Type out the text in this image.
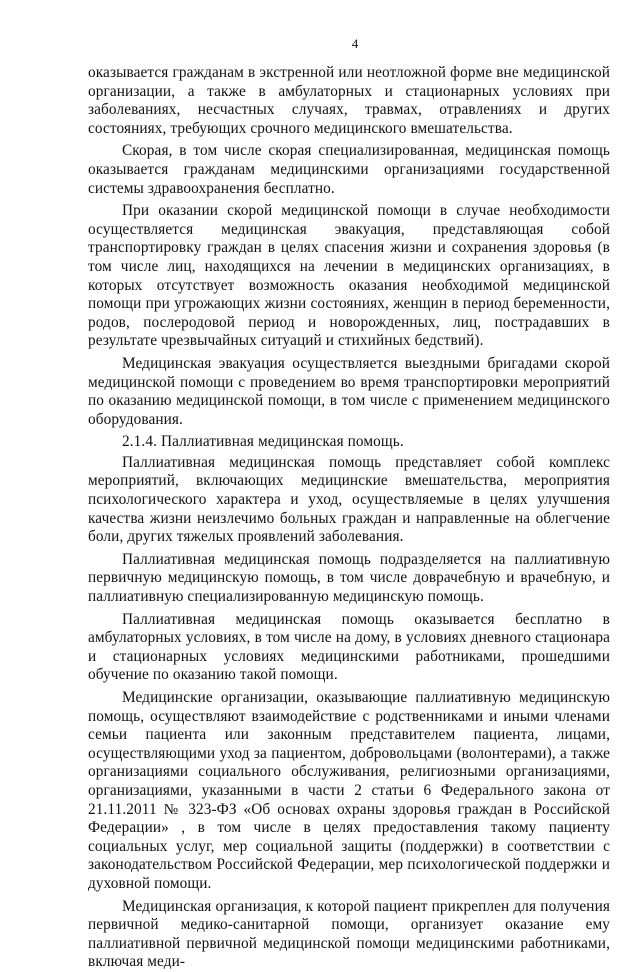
4

оказывается гражданам в экстренной или неотложной форме вне медицинской организации, а также в амбулаторных и стационарных условиях при заболеваниях, несчастных случаях, травмах, отравлениях и других состояниях, требующих срочного медицинского вмешательства.

Скорая, в том числе скорая специализированная, медицинская помощь оказывается гражданам медицинскими организациями государственной системы здравоохранения бесплатно.

При оказании скорой медицинской помощи в случае необходимости осуществляется медицинская эвакуация, представляющая собой транспортировку граждан в целях спасения жизни и сохранения здоровья (в том числе лиц, находящихся на лечении в медицинских организациях, в которых отсутствует возможность оказания необходимой медицинской помощи при угрожающих жизни состояниях, женщин в период беременности, родов, послеродовой период и новорожденных, лиц, пострадавших в результате чрезвычайных ситуаций и стихийных бедствий).

Медицинская эвакуация осуществляется выездными бригадами скорой медицинской помощи с проведением во время транспортировки мероприятий по оказанию медицинской помощи, в том числе с применением медицинского оборудования.

2.1.4. Паллиативная медицинская помощь.

Паллиативная медицинская помощь представляет собой комплекс мероприятий, включающих медицинские вмешательства, мероприятия психологического характера и уход, осуществляемые в целях улучшения качества жизни неизлечимо больных граждан и направленные на облегчение боли, других тяжелых проявлений заболевания.

Паллиативная медицинская помощь подразделяется на паллиативную первичную медицинскую помощь, в том числе доврачебную и врачебную, и паллиативную специализированную медицинскую помощь.

Паллиативная медицинская помощь оказывается бесплатно в амбулаторных условиях, в том числе на дому, в условиях дневного стационара и стационарных условиях медицинскими работниками, прошедшими обучение по оказанию такой помощи.

Медицинские организации, оказывающие паллиативную медицинскую помощь, осуществляют взаимодействие с родственниками и иными членами семьи пациента или законным представителем пациента, лицами, осуществляющими уход за пациентом, добровольцами (волонтерами), а также организациями социального обслуживания, религиозными организациями, организациями, указанными в части 2 статьи 6 Федерального закона от 21.11.2011 № 323-ФЗ «Об основах охраны здоровья граждан в Российской Федерации» , в том числе в целях предоставления такому пациенту социальных услуг, мер социальной защиты (поддержки) в соответствии с законодательством Российской Федерации, мер психологической поддержки и духовной помощи.

Медицинская организация, к которой пациент прикреплен для получения первичной медико-санитарной помощи, организует оказание ему паллиативной первичной медицинской помощи медицинскими работниками, включая меди-
